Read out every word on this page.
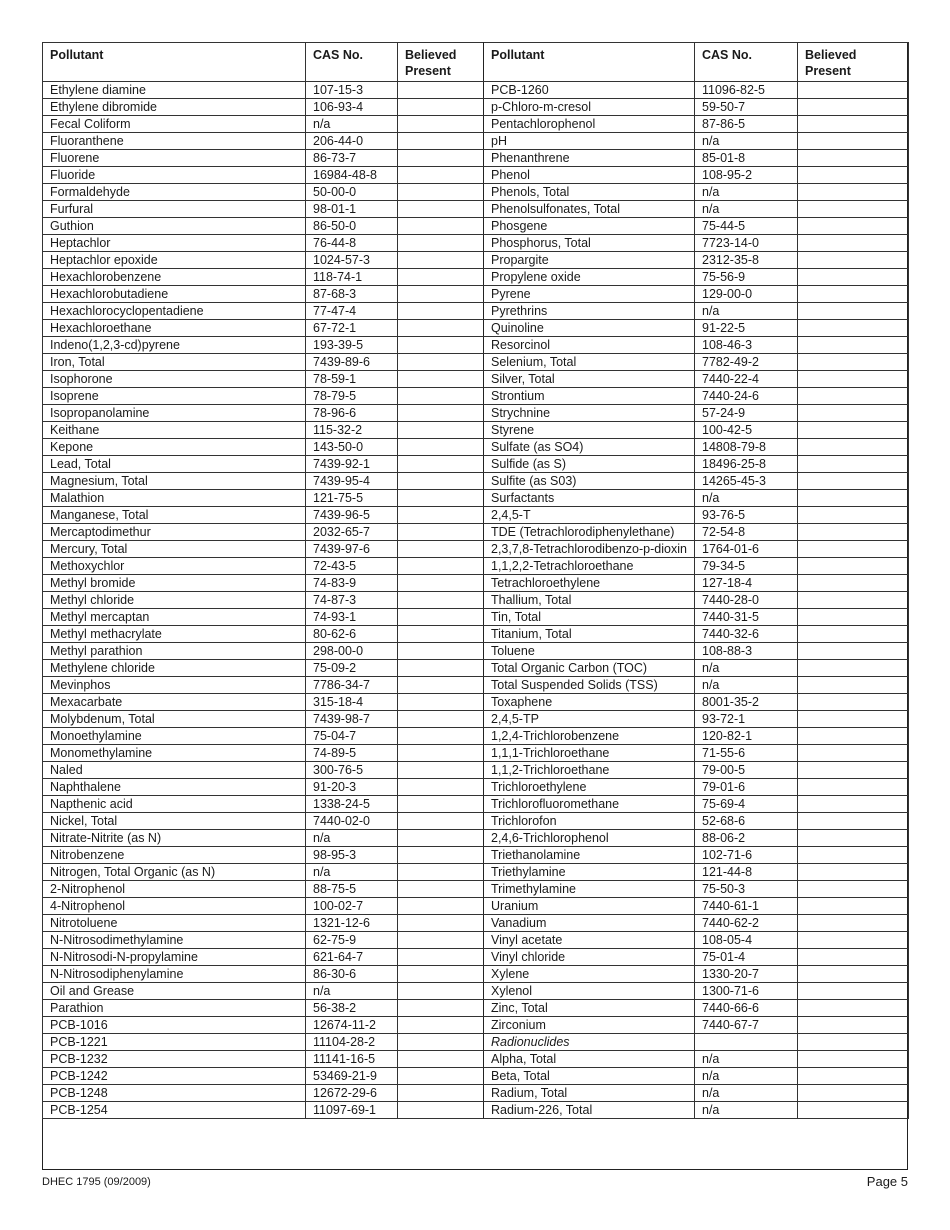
Pollutant	CAS No.	Believed Present	Pollutant	CAS No.	Believed Present
Ethylene diamine	107-15-3		PCB-1260	11096-82-5	
Ethylene dibromide	106-93-4		p-Chloro-m-cresol	59-50-7	
Fecal Coliform	n/a		Pentachlorophenol	87-86-5	
Fluoranthene	206-44-0		pH	n/a	
Fluorene	86-73-7		Phenanthrene	85-01-8	
Fluoride	16984-48-8		Phenol	108-95-2	
Formaldehyde	50-00-0		Phenols, Total	n/a	
Furfural	98-01-1		Phenolsulfonates, Total	n/a	
Guthion	86-50-0		Phosgene	75-44-5	
Heptachlor	76-44-8		Phosphorus, Total	7723-14-0	
Heptachlor epoxide	1024-57-3		Propargite	2312-35-8	
Hexachlorobenzene	118-74-1		Propylene oxide	75-56-9	
Hexachlorobutadiene	87-68-3		Pyrene	129-00-0	
Hexachlorocyclopentadiene	77-47-4		Pyrethrins	n/a	
Hexachloroethane	67-72-1		Quinoline	91-22-5	
Indeno(1,2,3-cd)pyrene	193-39-5		Resorcinol	108-46-3	
Iron, Total	7439-89-6		Selenium, Total	7782-49-2	
Isophorone	78-59-1		Silver, Total	7440-22-4	
Isoprene	78-79-5		Strontium	7440-24-6	
Isopropanolamine	78-96-6		Strychnine	57-24-9	
Keithane	115-32-2		Styrene	100-42-5	
Kepone	143-50-0		Sulfate (as SO4)	14808-79-8	
Lead, Total	7439-92-1		Sulfide (as S)	18496-25-8	
Magnesium, Total	7439-95-4		Sulfite (as S03)	14265-45-3	
Malathion	121-75-5		Surfactants	n/a	
Manganese, Total	7439-96-5		2,4,5-T	93-76-5	
Mercaptodimethur	2032-65-7		TDE (Tetrachlorodiphenylethane)	72-54-8	
Mercury, Total	7439-97-6		2,3,7,8-Tetrachlorodibenzo-p-dioxin	1764-01-6	
Methoxychlor	72-43-5		1,1,2,2-Tetrachloroethane	79-34-5	
Methyl bromide	74-83-9		Tetrachloroethylene	127-18-4	
Methyl chloride	74-87-3		Thallium, Total	7440-28-0	
Methyl mercaptan	74-93-1		Tin, Total	7440-31-5	
Methyl methacrylate	80-62-6		Titanium, Total	7440-32-6	
Methyl parathion	298-00-0		Toluene	108-88-3	
Methylene chloride	75-09-2		Total Organic Carbon (TOC)	n/a	
Mevinphos	7786-34-7		Total Suspended Solids (TSS)	n/a	
Mexacarbate	315-18-4		Toxaphene	8001-35-2	
Molybdenum, Total	7439-98-7		2,4,5-TP	93-72-1	
Monoethylamine	75-04-7		1,2,4-Trichlorobenzene	120-82-1	
Monomethylamine	74-89-5		1,1,1-Trichloroethane	71-55-6	
Naled	300-76-5		1,1,2-Trichloroethane	79-00-5	
Naphthalene	91-20-3		Trichloroethylene	79-01-6	
Napthenic acid	1338-24-5		Trichlorofluoromethane	75-69-4	
Nickel, Total	7440-02-0		Trichlorofon	52-68-6	
Nitrate-Nitrite (as N)	n/a		2,4,6-Trichlorophenol	88-06-2	
Nitrobenzene	98-95-3		Triethanolamine	102-71-6	
Nitrogen, Total Organic (as N)	n/a		Triethylamine	121-44-8	
2-Nitrophenol	88-75-5		Trimethylamine	75-50-3	
4-Nitrophenol	100-02-7		Uranium	7440-61-1	
Nitrotoluene	1321-12-6		Vanadium	7440-62-2	
N-Nitrosodimethylamine	62-75-9		Vinyl acetate	108-05-4	
N-Nitrosodi-N-propylamine	621-64-7		Vinyl chloride	75-01-4	
N-Nitrosodiphenylamine	86-30-6		Xylene	1330-20-7	
Oil and Grease	n/a		Xylenol	1300-71-6	
Parathion	56-38-2		Zinc, Total	7440-66-6	
PCB-1016	12674-11-2		Zirconium	7440-67-7	
PCB-1221	11104-28-2		Radionuclides		
PCB-1232	11141-16-5		Alpha, Total	n/a	
PCB-1242	53469-21-9		Beta, Total	n/a	
PCB-1248	12672-29-6		Radium, Total	n/a	
PCB-1254	11097-69-1		Radium-226, Total	n/a	
DHEC 1795 (09/2009)	Page 5
